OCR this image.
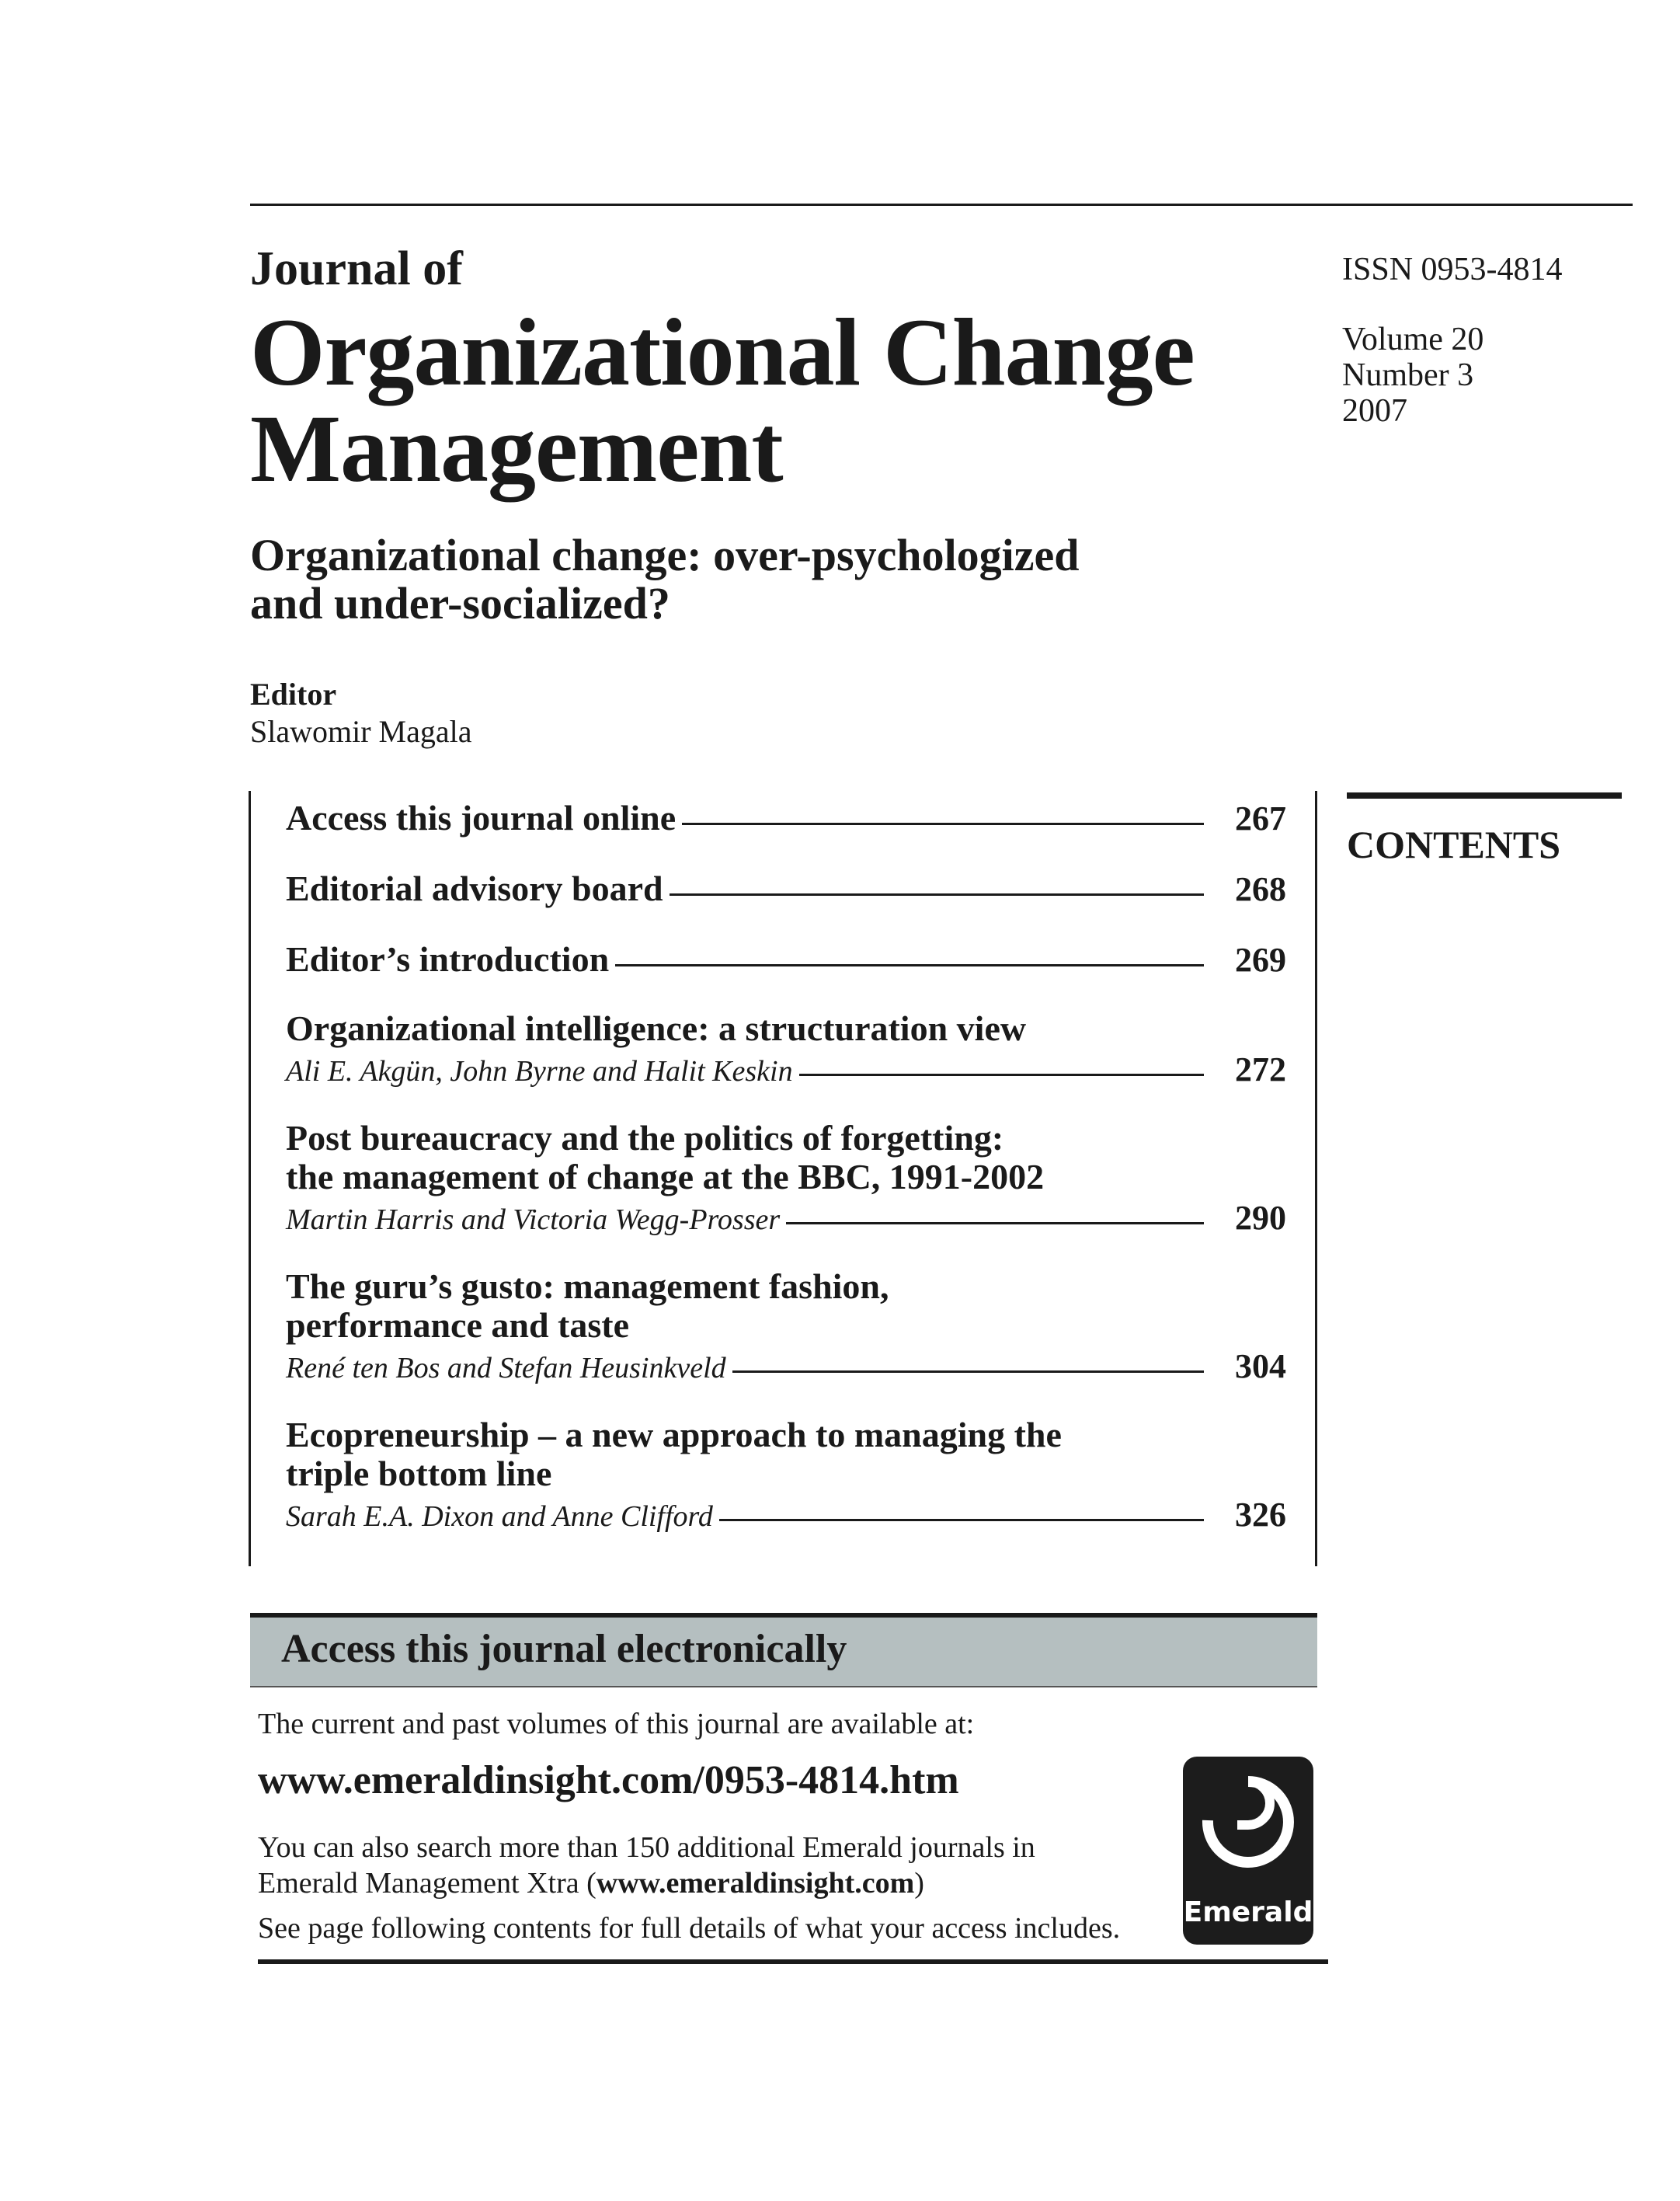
Journal of
Organizational Change
Management
ISSN 0953-4814
Volume 20
Number 3
2007
Organizational change: over-psychologized
and under-socialized?
Editor
Slawomir Magala
CONTENTS
Access this journal online	267
Editorial advisory board	268
Editor’s introduction	269
Organizational intelligence: a structuration view
Ali E. Akgün, John Byrne and Halit Keskin	272
Post bureaucracy and the politics of forgetting:
the management of change at the BBC, 1991-2002
Martin Harris and Victoria Wegg-Prosser	290
The guru’s gusto: management fashion,
performance and taste
René ten Bos and Stefan Heusinkveld	304
Ecopreneurship – a new approach to managing the
triple bottom line
Sarah E.A. Dixon and Anne Clifford	326
Access this journal electronically
The current and past volumes of this journal are available at:
www.emeraldinsight.com/0953-4814.htm
You can also search more than 150 additional Emerald journals in
Emerald Management Xtra (www.emeraldinsight.com)
See page following contents for full details of what your access includes. Emerald
